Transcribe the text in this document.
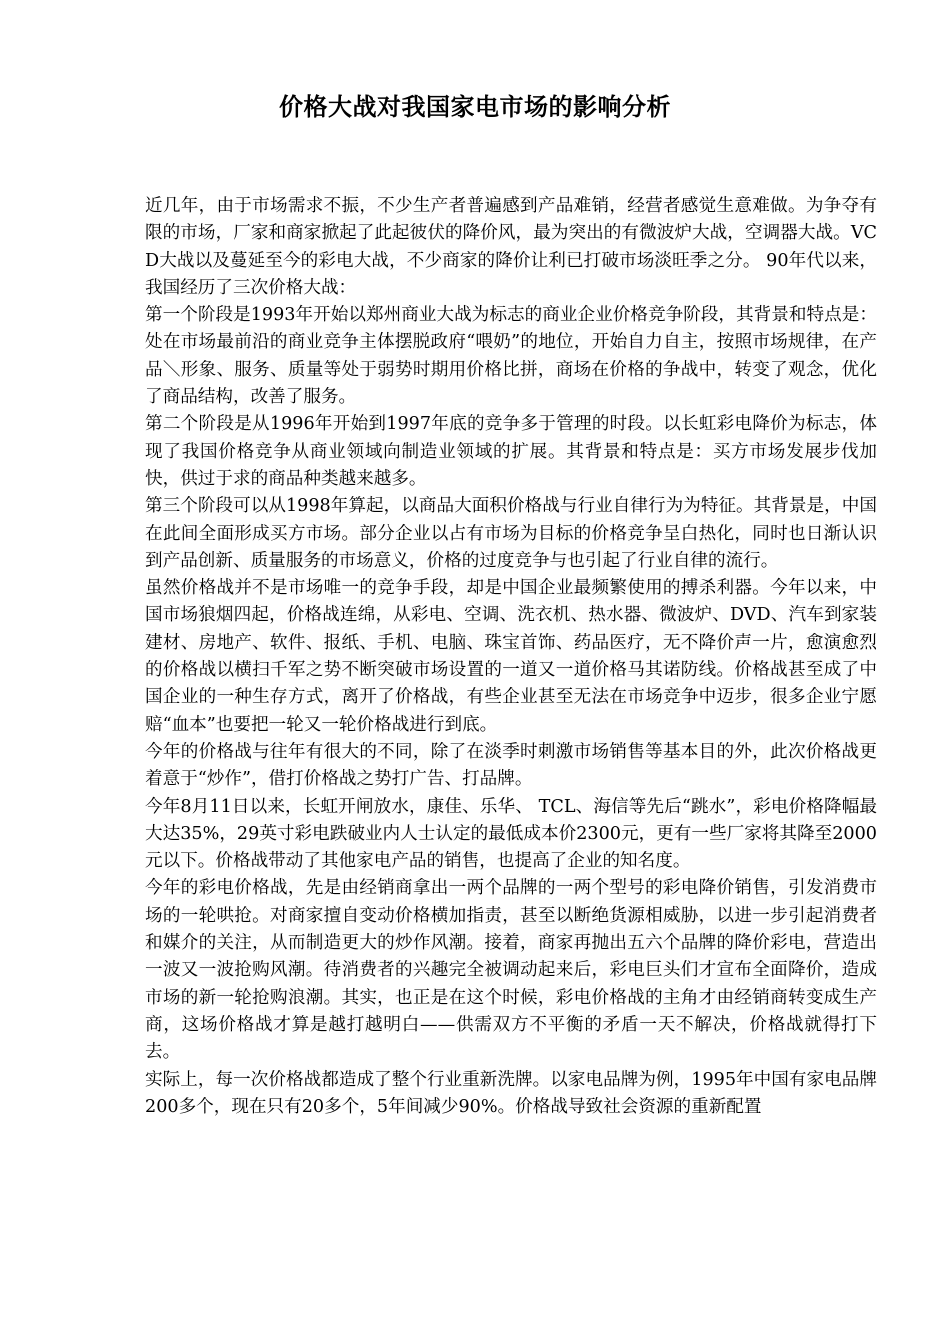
价格大战对我国家电市场的影响分析

近几年，由于市场需求不振，不少生产者普遍感到产品难销，经营者感觉生意难做。为争夺有限的市场，厂家和商家掀起了此起彼伏的降价风，最为突出的有微波炉大战，空调器大战。VCD大战以及蔓延至今的彩电大战，不少商家的降价让利已打破市场淡旺季之分。 90年代以来，我国经历了三次价格大战：

第一个阶段是1993年开始以郑州商业大战为标志的商业企业价格竞争阶段，其背景和特点是：处在市场最前沿的商业竞争主体摆脱政府“喂奶”的地位，开始自力自主，按照市场规律，在产品＼形象、服务、质量等处于弱势时期用价格比拼，商场在价格的争战中，转变了观念，优化了商品结构，改善了服务。

第二个阶段是从1996年开始到1997年底的竞争多于管理的时段。以长虹彩电降价为标志，体现了我国价格竞争从商业领域向制造业领域的扩展。其背景和特点是：买方市场发展步伐加快，供过于求的商品种类越来越多。

第三个阶段可以从1998年算起，以商品大面积价格战与行业自律行为为特征。其背景是，中国在此间全面形成买方市场。部分企业以占有市场为目标的价格竞争呈白热化，同时也日渐认识到产品创新、质量服务的市场意义，价格的过度竞争与也引起了行业自律的流行。

虽然价格战并不是市场唯一的竞争手段，却是中国企业最频繁使用的搏杀利器。今年以来，中国市场狼烟四起，价格战连绵，从彩电、空调、洗衣机、热水器、微波炉、DVD、汽车到家装建材、房地产、软件、报纸、手机、电脑、珠宝首饰、药品医疗，无不降价声一片，愈演愈烈的价格战以横扫千军之势不断突破市场设置的一道又一道价格马其诺防线。价格战甚至成了中国企业的一种生存方式，离开了价格战，有些企业甚至无法在市场竞争中迈步，很多企业宁愿赔“血本”也要把一轮又一轮价格战进行到底。

今年的价格战与往年有很大的不同，除了在淡季时刺激市场销售等基本目的外，此次价格战更着意于“炒作”，借打价格战之势打广告、打品牌。

今年8月11日以来，长虹开闸放水，康佳、乐华、 TCL、海信等先后“跳水”，彩电价格降幅最大达35%，29英寸彩电跌破业内人士认定的最低成本价2300元，更有一些厂家将其降至2000元以下。价格战带动了其他家电产品的销售，也提高了企业的知名度。

今年的彩电价格战，先是由经销商拿出一两个品牌的一两个型号的彩电降价销售，引发消费市场的一轮哄抢。对商家擅自变动价格横加指责，甚至以断绝货源相威胁，以进一步引起消费者和媒介的关注，从而制造更大的炒作风潮。接着，商家再抛出五六个品牌的降价彩电，营造出一波又一波抢购风潮。待消费者的兴趣完全被调动起来后，彩电巨头们才宣布全面降价，造成市场的新一轮抢购浪潮。其实，也正是在这个时候，彩电价格战的主角才由经销商转变成生产商，这场价格战才算是越打越明白——供需双方不平衡的矛盾一天不解决，价格战就得打下去。

实际上，每一次价格战都造成了整个行业重新洗牌。以家电品牌为例，1995年中国有家电品牌200多个，现在只有20多个，5年间减少90%。价格战导致社会资源的重新配置
